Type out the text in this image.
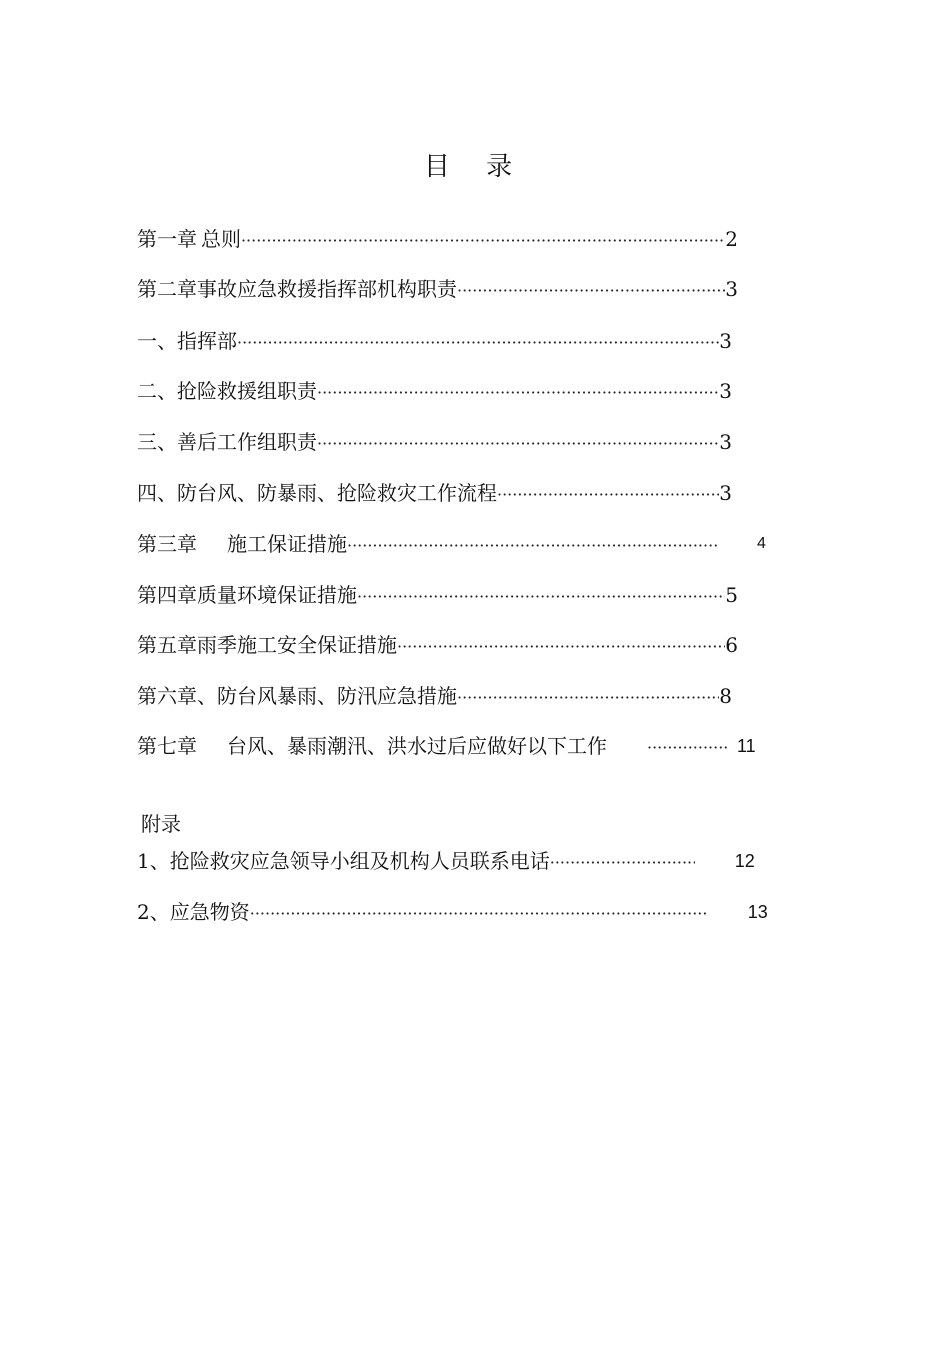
目 录
第一章 总则 ·····	2
第二章 事故应急救援指挥部机构职责 ·····	3
一、指挥部 ·····	3
二、抢险救援组职责 ·····	3
三、善后工作组职责 ·····	3
四、防台风、防暴雨、抢险救灾工作流程 ·····	3
第三章	施工保证措施 ·····	4
第四章 质量环境保证措施 ·····	5
第五章 雨季施工安全保证措施 ·····	6
第六章、防台风暴雨、防汛应急措施 ·····	8
第七章	台风、暴雨潮汛、洪水过后应做好以下工作 ·····	11
附录
1、抢险救灾应急领导小组及机构人员联系电话 ·····	12
2、应急物资 ·····	13
